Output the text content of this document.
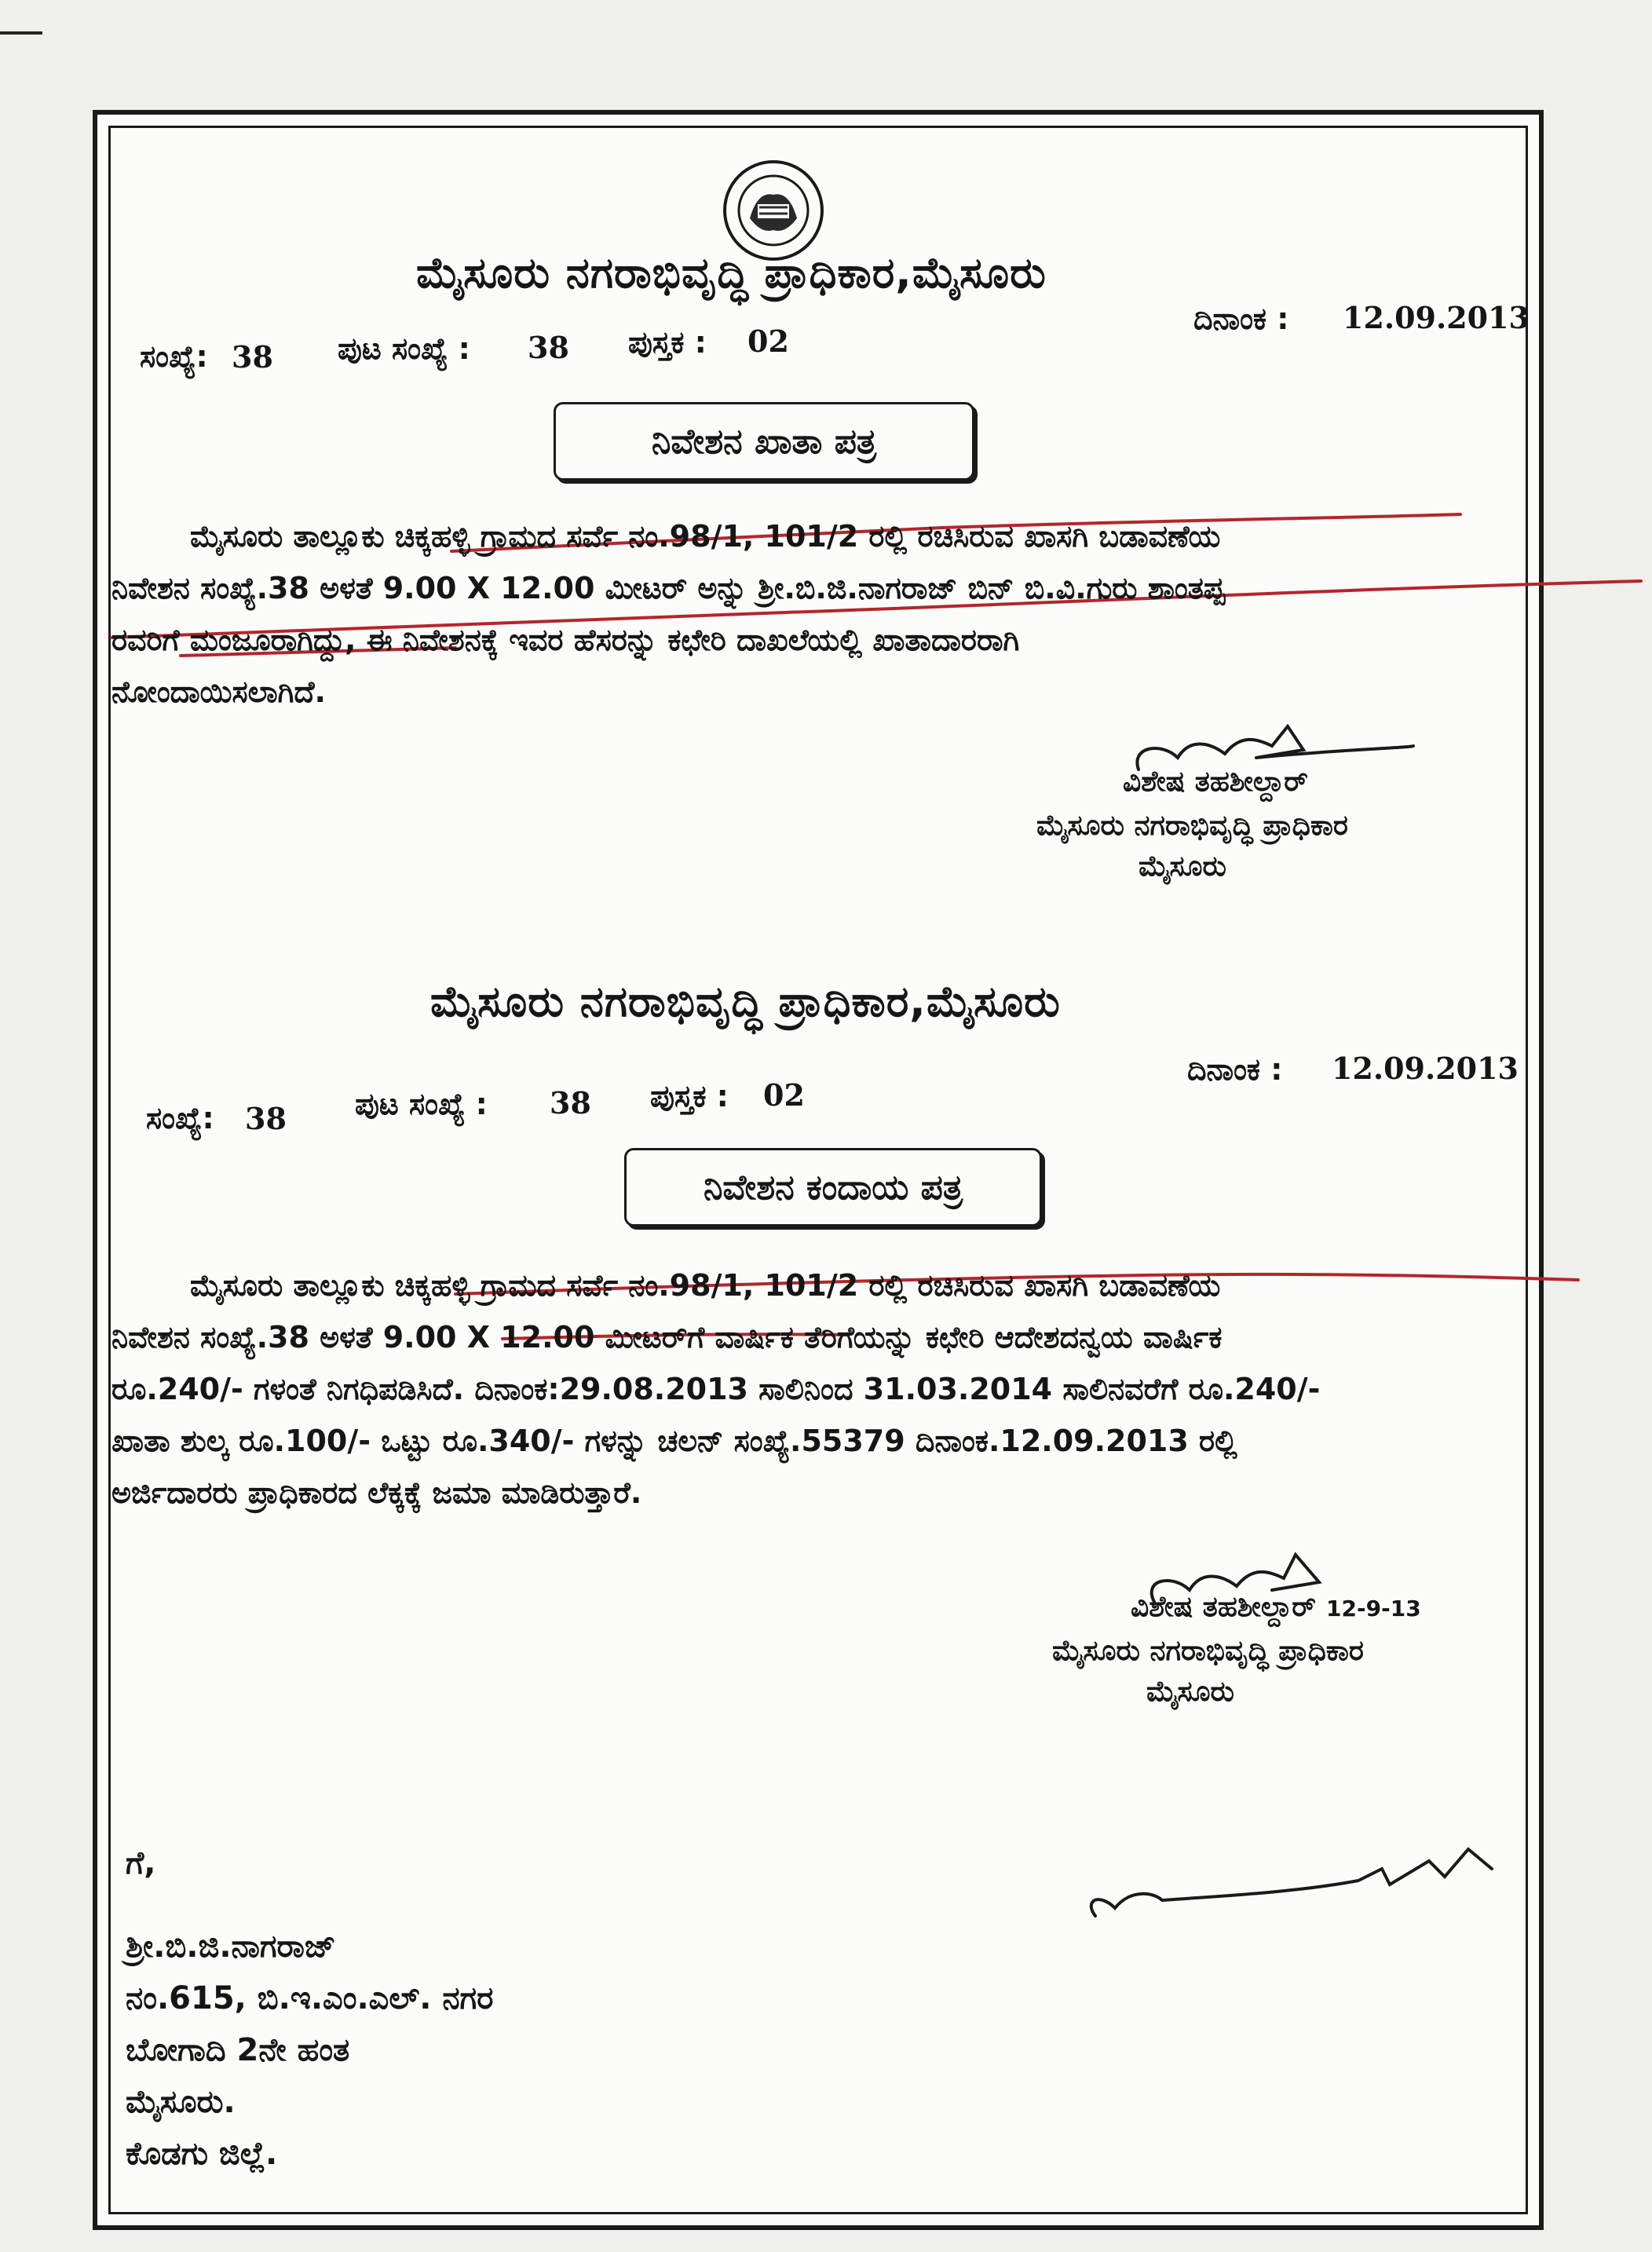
ಮೈಸೂರು ನಗರಾಭಿವೃದ್ಧಿ ಪ್ರಾಧಿಕಾರ,ಮೈಸೂರು
ದಿನಾಂಕ : 12.09.2013
ಸಂಖ್ಯೆ: 38 ಪುಟ ಸಂಖ್ಯೆ : 38 ಪುಸ್ತಕ : 02
ನಿವೇಶನ ಖಾತಾ ಪತ್ರ
ಮೈಸೂರು ತಾಲ್ಲೂಕು ಚಿಕ್ಕಹಳ್ಳಿ ಗ್ರಾಮದ ಸರ್ವೆ ನಂ.98/1, 101/2 ರಲ್ಲಿ ರಚಿಸಿರುವ ಖಾಸಗಿ ಬಡಾವಣೆಯ
ನಿವೇಶನ ಸಂಖ್ಯೆ.38 ಅಳತೆ 9.00 X 12.00 ಮೀಟರ್ ಅನ್ನು ಶ್ರೀ.ಬಿ.ಜಿ.ನಾಗರಾಜ್ ಬಿನ್ ಬಿ.ವಿ.ಗುರು ಶಾಂತಪ್ಪ
ರವರಿಗೆ ಮಂಜೂರಾಗಿದ್ದು, ಈ ನಿವೇಶನಕ್ಕೆ ಇವರ ಹೆಸರನ್ನು ಕಛೇರಿ ದಾಖಲೆಯಲ್ಲಿ ಖಾತಾದಾರರಾಗಿ
ನೋಂದಾಯಿಸಲಾಗಿದೆ.
ವಿಶೇಷ ತಹಶೀಲ್ದಾರ್
ಮೈಸೂರು ನಗರಾಭಿವೃದ್ಧಿ ಪ್ರಾಧಿಕಾರ
ಮೈಸೂರು
ಮೈಸೂರು ನಗರಾಭಿವೃದ್ಧಿ ಪ್ರಾಧಿಕಾರ,ಮೈಸೂರು
ದಿನಾಂಕ : 12.09.2013
ಸಂಖ್ಯೆ: 38 ಪುಟ ಸಂಖ್ಯೆ : 38 ಪುಸ್ತಕ : 02
ನಿವೇಶನ ಕಂದಾಯ ಪತ್ರ
ಮೈಸೂರು ತಾಲ್ಲೂಕು ಚಿಕ್ಕಹಳ್ಳಿ ಗ್ರಾಮದ ಸರ್ವೆ ನಂ.98/1, 101/2 ರಲ್ಲಿ ರಚಿಸಿರುವ ಖಾಸಗಿ ಬಡಾವಣೆಯ
ನಿವೇಶನ ಸಂಖ್ಯೆ.38 ಅಳತೆ 9.00 X 12.00 ಮೀಟರ್‌ಗೆ ವಾರ್ಷಿಕ ತೆರಿಗೆಯನ್ನು ಕಛೇರಿ ಆದೇಶದನ್ವಯ ವಾರ್ಷಿಕ
ರೂ.240/- ಗಳಂತೆ ನಿಗಧಿಪಡಿಸಿದೆ. ದಿನಾಂಕ:29.08.2013 ಸಾಲಿನಿಂದ 31.03.2014 ಸಾಲಿನವರೆಗೆ ರೂ.240/-
ಖಾತಾ ಶುಲ್ಕ ರೂ.100/- ಒಟ್ಟು ರೂ.340/- ಗಳನ್ನು ಚಲನ್ ಸಂಖ್ಯೆ.55379 ದಿನಾಂಕ.12.09.2013 ರಲ್ಲಿ
ಅರ್ಜಿದಾರರು ಪ್ರಾಧಿಕಾರದ ಲೆಕ್ಕಕ್ಕೆ ಜಮಾ ಮಾಡಿರುತ್ತಾರೆ.
ವಿಶೇಷ ತಹಶೀಲ್ದಾರ್ 12-9-13
ಮೈಸೂರು ನಗರಾಭಿವೃದ್ಧಿ ಪ್ರಾಧಿಕಾರ
ಮೈಸೂರು
ಗೆ,
ಶ್ರೀ.ಬಿ.ಜಿ.ನಾಗರಾಜ್
ನಂ.615, ಬಿ.ಇ.ಎಂ.ಎಲ್. ನಗರ
ಬೋಗಾದಿ 2ನೇ ಹಂತ
ಮೈಸೂರು.
ಕೊಡಗು ಜಿಲ್ಲೆ.
